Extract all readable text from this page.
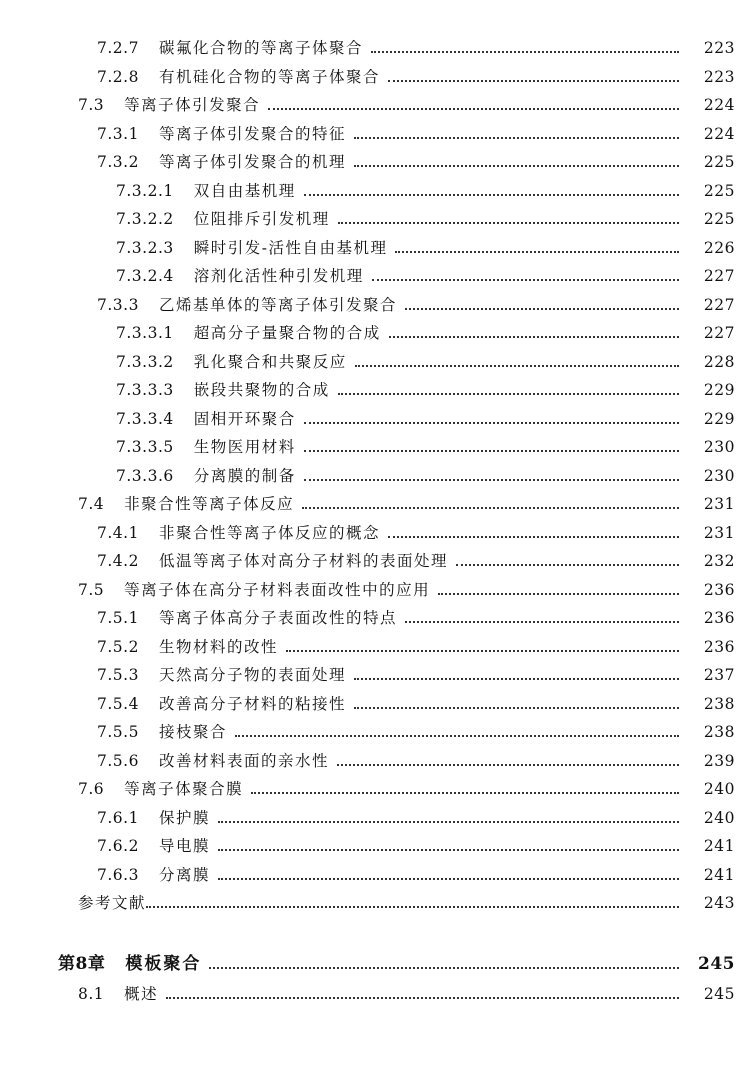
7.2.7 碳氟化合物的等离子体聚合	223
7.2.8 有机硅化合物的等离子体聚合	223
7.3 等离子体引发聚合	224
7.3.1 等离子体引发聚合的特征	224
7.3.2 等离子体引发聚合的机理	225
7.3.2.1 双自由基机理	225
7.3.2.2 位阻排斥引发机理	225
7.3.2.3 瞬时引发-活性自由基机理	226
7.3.2.4 溶剂化活性种引发机理	227
7.3.3 乙烯基单体的等离子体引发聚合	227
7.3.3.1 超高分子量聚合物的合成	227
7.3.3.2 乳化聚合和共聚反应	228
7.3.3.3 嵌段共聚物的合成	229
7.3.3.4 固相开环聚合	229
7.3.3.5 生物医用材料	230
7.3.3.6 分离膜的制备	230
7.4 非聚合性等离子体反应	231
7.4.1 非聚合性等离子体反应的概念	231
7.4.2 低温等离子体对高分子材料的表面处理	232
7.5 等离子体在高分子材料表面改性中的应用	236
7.5.1 等离子体高分子表面改性的特点	236
7.5.2 生物材料的改性	236
7.5.3 天然高分子物的表面处理	237
7.5.4 改善高分子材料的粘接性	238
7.5.5 接枝聚合	238
7.5.6 改善材料表面的亲水性	239
7.6 等离子体聚合膜	240
7.6.1 保护膜	240
7.6.2 导电膜	241
7.6.3 分离膜	241
参考文献	243
第8章 模板聚合	245
8.1 概述	245
